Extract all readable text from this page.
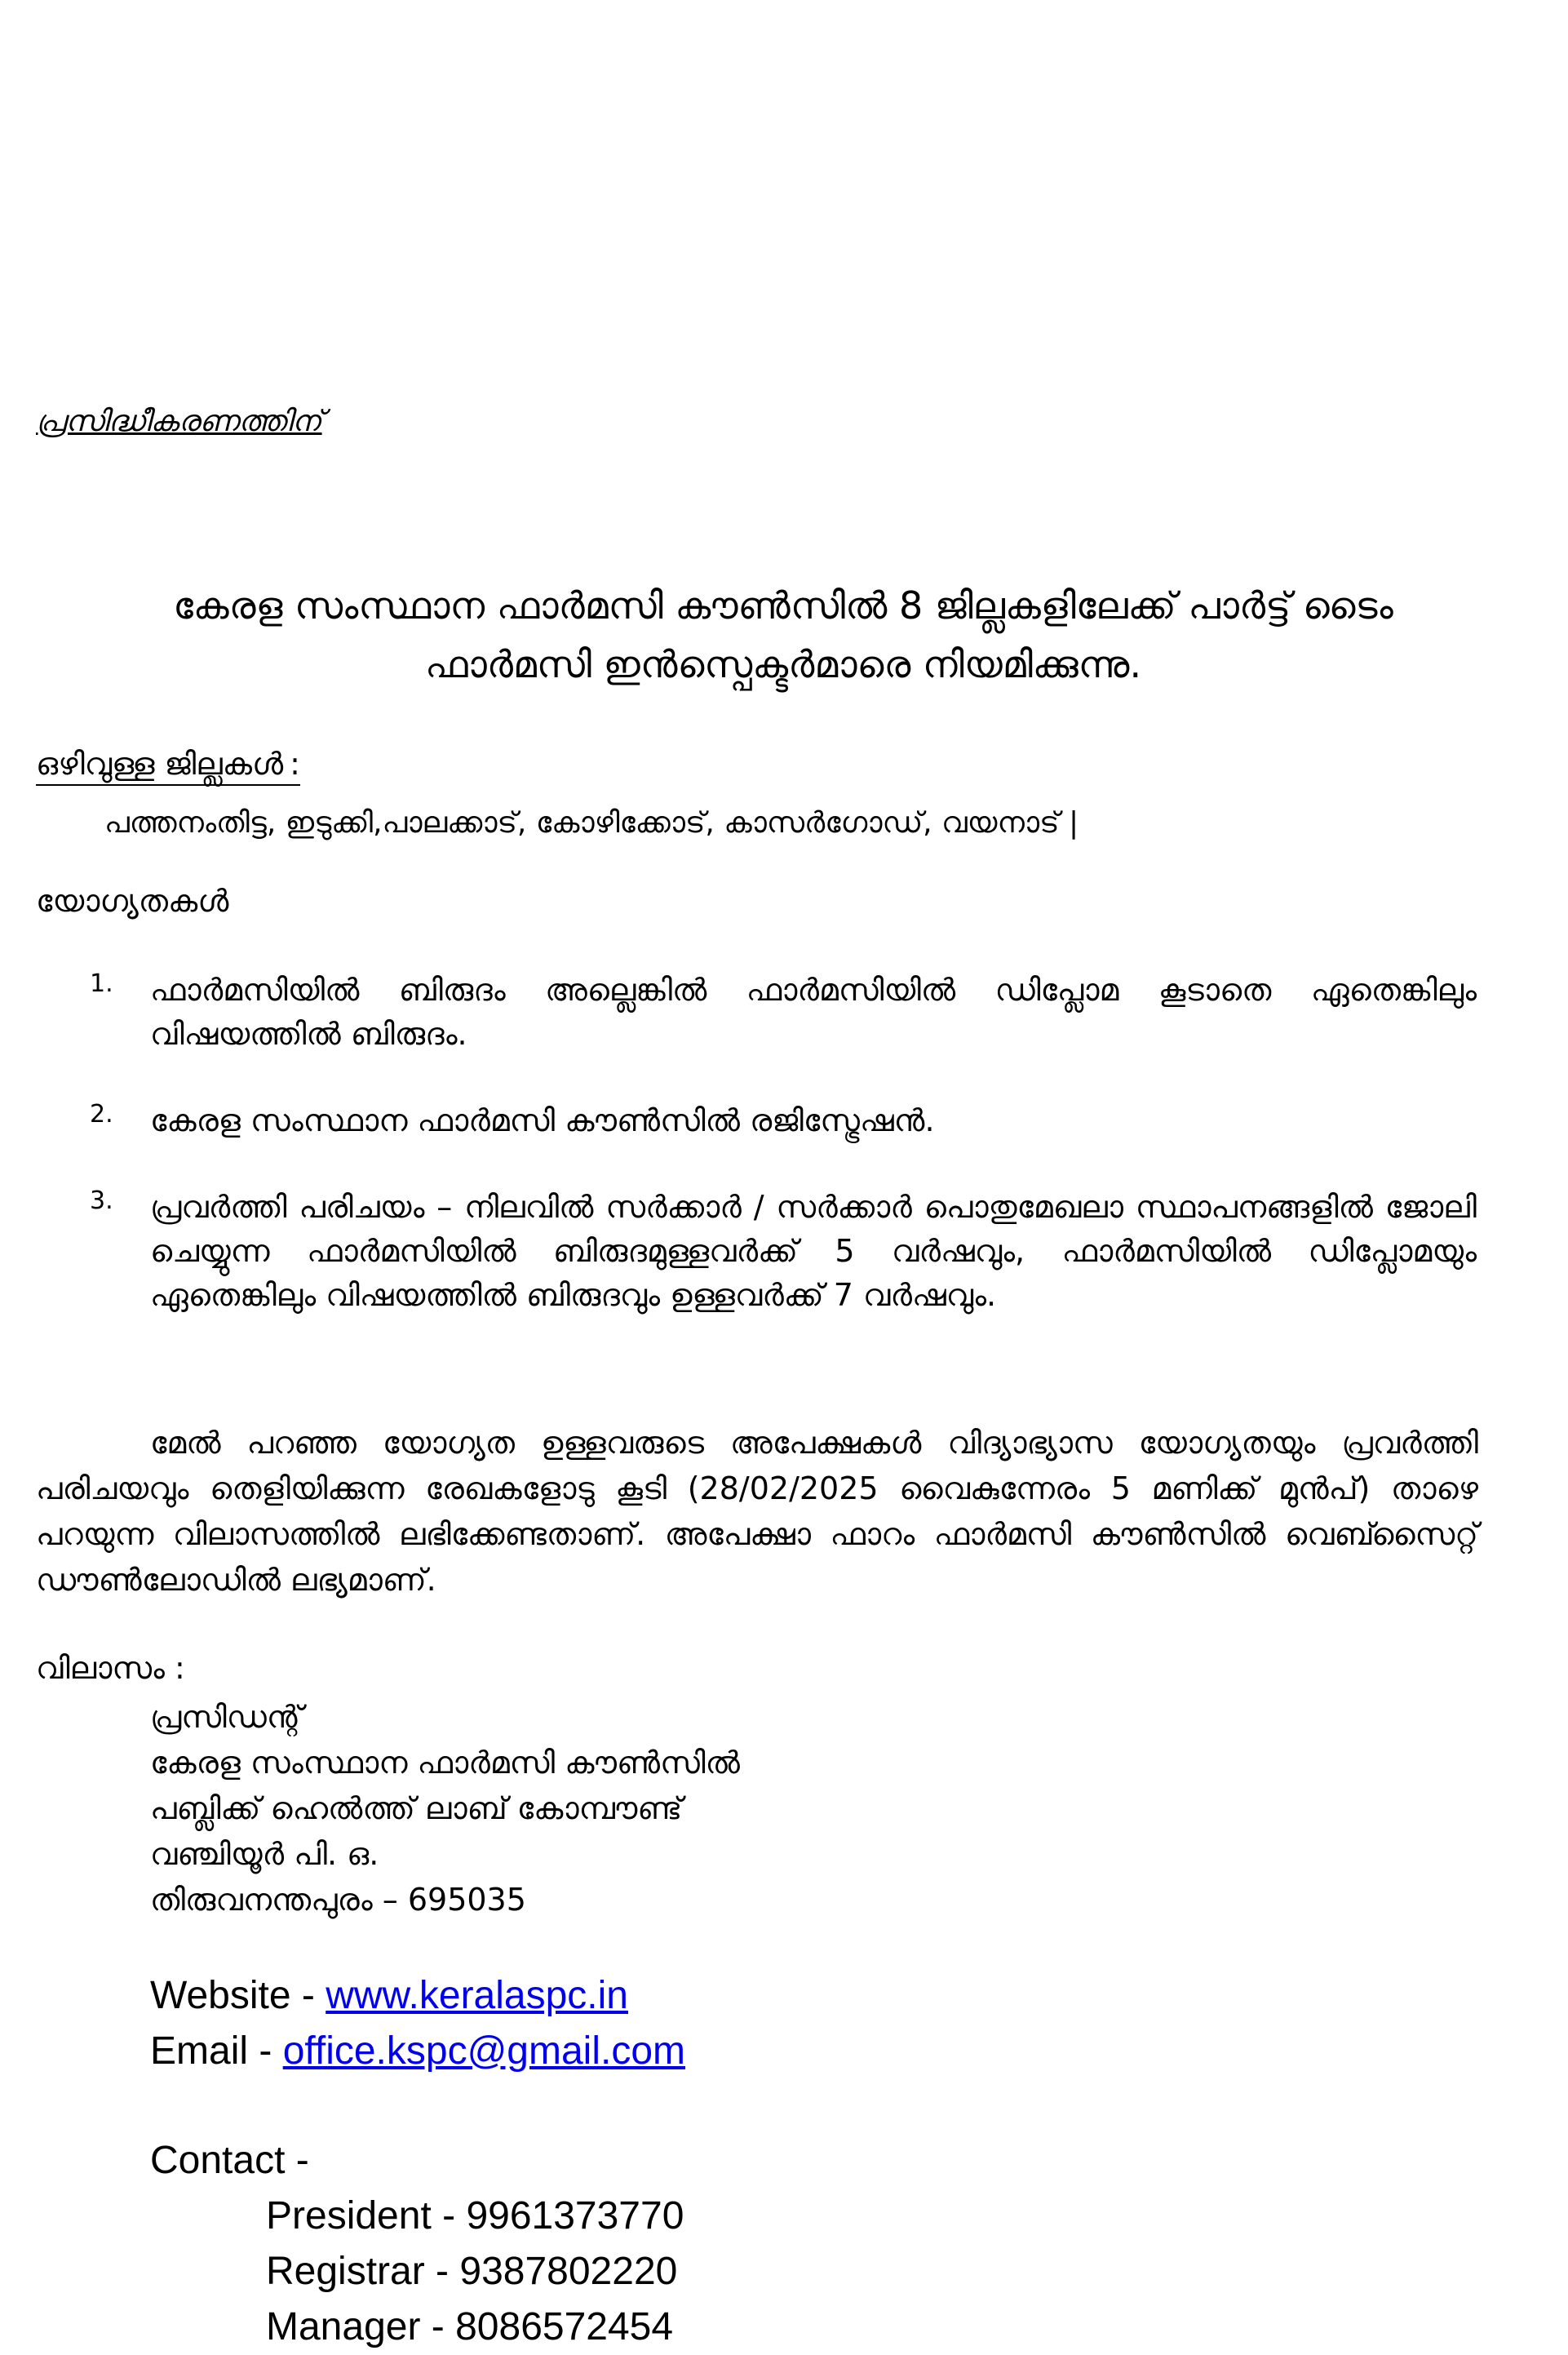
പ്രസിദ്ധീകരണത്തിന്
കേരള സംസ്ഥാന ഫാർമസി കൗൺസിൽ 8 ജില്ലകളിലേക്ക് പാർട്ട് ടൈം
ഫാർമസി ഇൻസ്പെക്ടർമാരെ നിയമിക്കുന്നു.
ഒഴിവുള്ള ജില്ലകൾ :
പത്തനംതിട്ട, ഇടുക്കി,പാലക്കാട്, കോഴിക്കോട്, കാസർഗോഡ്, വയനാട് |
യോഗ്യതകൾ
1.	ഫാർമസിയിൽ ബിരുദം അല്ലെങ്കിൽ ഫാർമസിയിൽ ഡിപ്ലോമ കൂടാതെ ഏതെങ്കിലും വിഷയത്തിൽ ബിരുദം.
2.	കേരള സംസ്ഥാന ഫാർമസി കൗൺസിൽ രജിസ്ട്രേഷൻ.
3.	പ്രവർത്തി പരിചയം – നിലവിൽ സർക്കാർ / സർക്കാർ പൊതുമേഖലാ സ്ഥാപനങ്ങളിൽ ജോലി ചെയ്യുന്ന ഫാർമസിയിൽ ബിരുദമുള്ളവർക്ക് 5 വർഷവും, ഫാർമസിയിൽ ഡിപ്ലോമയും ഏതെങ്കിലും വിഷയത്തിൽ ബിരുദവും ഉള്ളവർക്ക് 7 വർഷവും.
മേൽ പറഞ്ഞ യോഗ്യത ഉള്ളവരുടെ അപേക്ഷകൾ വിദ്യാഭ്യാസ യോഗ്യതയും പ്രവർത്തി പരിചയവും തെളിയിക്കുന്ന രേഖകളോടു കൂടി (28/02/2025 വൈകുന്നേരം 5 മണിക്ക് മുൻപ്) താഴെ പറയുന്ന വിലാസത്തിൽ ലഭിക്കേണ്ടതാണ്. അപേക്ഷാ ഫാറം ഫാർമസി കൗൺസിൽ വെബ്സൈറ്റ് ഡൗൺലോഡിൽ ലഭ്യമാണ്.
വിലാസം :
പ്രസിഡന്റ്
കേരള സംസ്ഥാന ഫാർമസി കൗൺസിൽ
പബ്ലിക്ക് ഹെൽത്ത് ലാബ് കോമ്പൗണ്ട്
വഞ്ചിയൂർ പി. ഒ.
തിരുവനന്തപുരം – 695035
Website - www.keralaspc.in
Email - office.kspc@gmail.com
Contact -
President - 9961373770
Registrar - 9387802220
Manager - 8086572454
